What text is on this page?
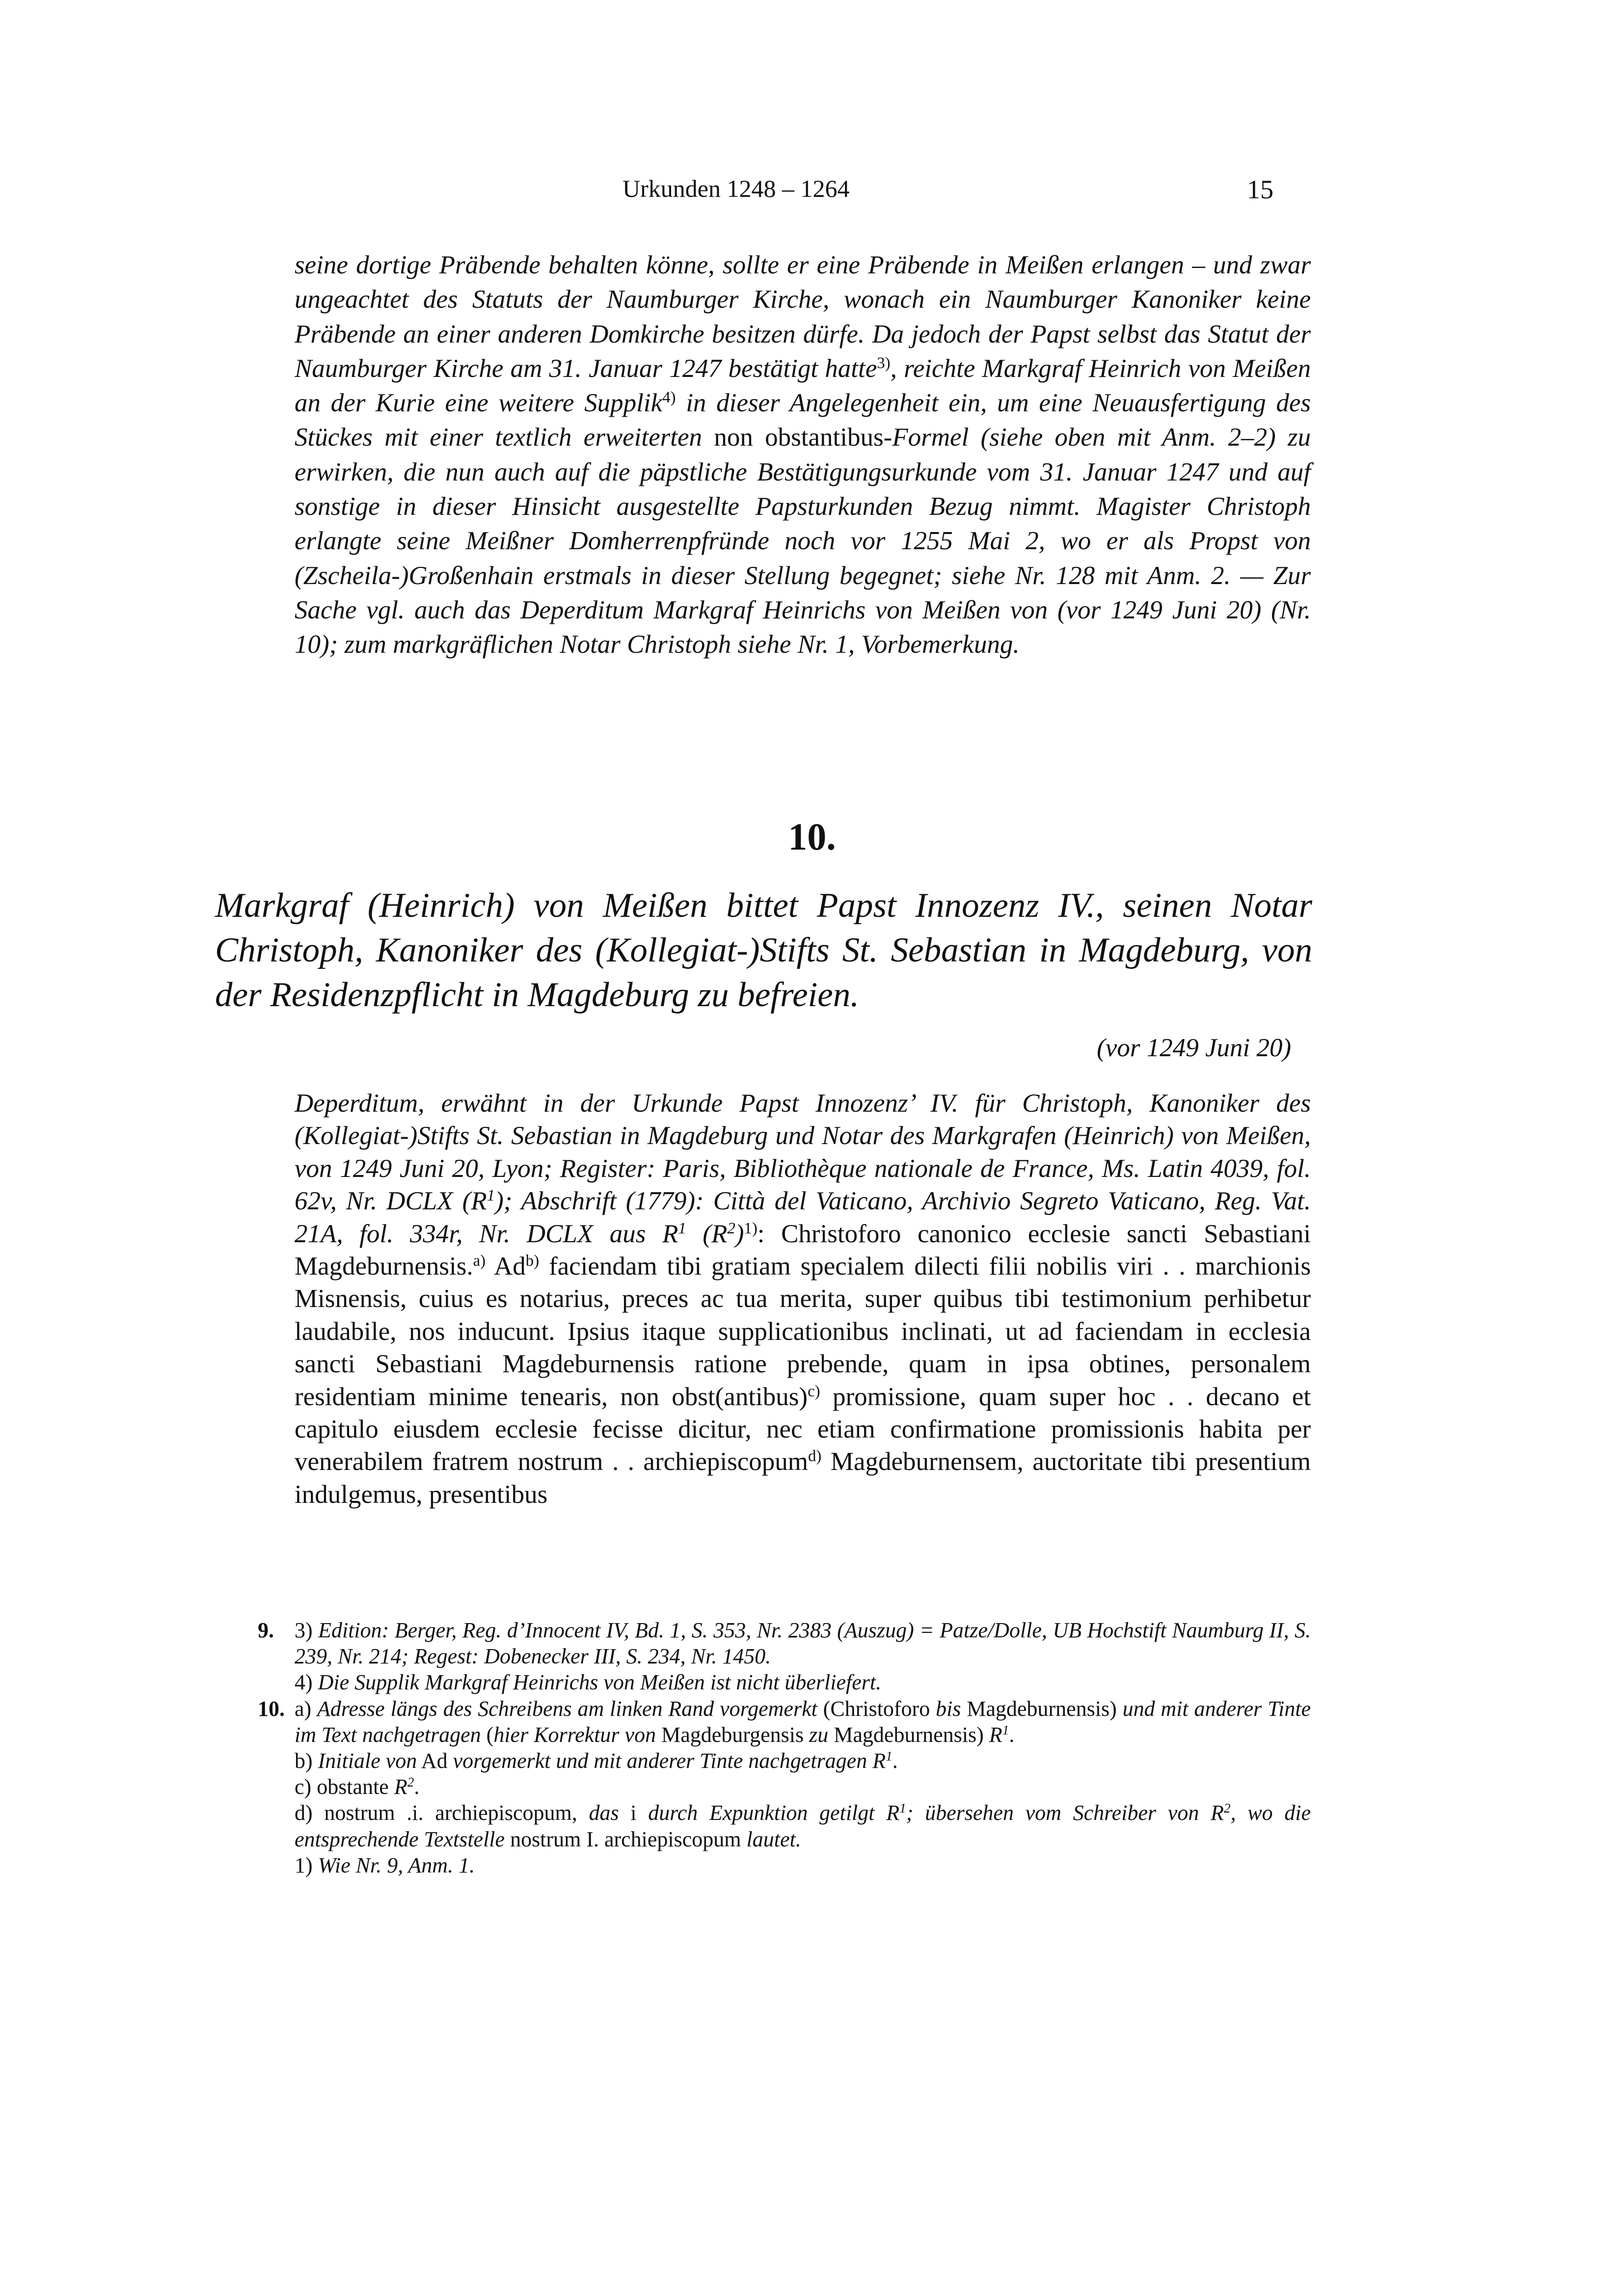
Urkunden 1248 – 1264	15

seine dortige Präbende behalten könne, sollte er eine Präbende in Meißen erlangen – und zwar ungeachtet des Statuts der Naumburger Kirche, wonach ein Naumburger Kanoniker keine Präbende an einer anderen Domkirche besitzen dürfe. Da jedoch der Papst selbst das Statut der Naumburger Kirche am 31. Januar 1247 bestätigt hatte$^{3)}$, reichte Markgraf Heinrich von Meißen an der Kurie eine weitere Supplik$^{4)}$ in dieser Angelegenheit ein, um eine Neuausfertigung des Stückes mit einer textlich erweiterten non obstantibus-Formel (siehe oben mit Anm. 2–2) zu erwirken, die nun auch auf die päpstliche Bestätigungsurkunde vom 31. Januar 1247 und auf sonstige in dieser Hinsicht ausgestellte Papsturkunden Bezug nimmt. Magister Christoph erlangte seine Meißner Domherrenpfründe noch vor 1255 Mai 2, wo er als Propst von (Zscheila-)Großenhain erstmals in dieser Stellung begegnet; siehe Nr. 128 mit Anm. 2. — Zur Sache vgl. auch das Deperditum Markgraf Heinrichs von Meißen von (vor 1249 Juni 20) (Nr. 10); zum markgräflichen Notar Christoph siehe Nr. 1, Vorbemerkung.

10.
Markgraf (Heinrich) von Meißen bittet Papst Innozenz IV., seinen Notar Christoph, Kanoniker des (Kollegiat-)Stifts St. Sebastian in Magdeburg, von der Residenzpflicht in Magdeburg zu befreien.
(vor 1249 Juni 20)

Deperditum, erwähnt in der Urkunde Papst Innozenz’ IV. für Christoph, Kanoniker des (Kollegiat-)Stifts St. Sebastian in Magdeburg und Notar des Markgrafen (Heinrich) von Meißen, von 1249 Juni 20, Lyon; Register: Paris, Bibliothèque nationale de France, Ms. Latin 4039, fol. 62v, Nr. DCLX $(R^1)$; Abschrift (1779): Città del Vaticano, Archivio Segreto Vaticano, Reg. Vat. 21A, fol. 334r, Nr. DCLX aus $R^1$ $(R^2)^{1)}$: Christoforo canonico ecclesie sancti Sebastiani Magdeburnensis.$^{a)}$ Ad$^{b)}$ faciendam tibi gratiam specialem dilecti filii nobilis viri . . marchionis Misnensis, cuius es notarius, preces ac tua merita, super quibus tibi testimonium perhibetur laudabile, nos inducunt. Ipsius itaque supplicationibus inclinati, ut ad faciendam in ecclesia sancti Sebastiani Magdeburnensis ratione prebende, quam in ipsa obtines, personalem residentiam minime tenearis, non obst(antibus)$^{c)}$ promissione, quam super hoc . . decano et capitulo eiusdem ecclesie fecisse dicitur, nec etiam confirmatione promissionis habita per venerabilem fratrem nostrum . . archiepiscopum$^{d)}$ Magdeburnensem, auctoritate tibi presentium indulgemus, presentibus

9. 3) Edition: Berger, Reg. d’Innocent IV, Bd. 1, S. 353, Nr. 2383 (Auszug) = Patze/Dolle, UB Hochstift Naumburg II, S. 239, Nr. 214; Regest: Dobenecker III, S. 234, Nr. 1450.

4) Die Supplik Markgraf Heinrichs von Meißen ist nicht überliefert.

10. a) Adresse längs des Schreibens am linken Rand vorgemerkt (Christoforo bis Magdeburnensis) und mit anderer Tinte im Text nachgetragen (hier Korrektur von Magdeburgensis zu Magdeburnensis) $R^1$.

b) Initiale von Ad vorgemerkt und mit anderer Tinte nachgetragen $R^1$.

c) obstante $R^2$.

d) nostrum .i. archiepiscopum, das i durch Expunktion getilgt $R^1$; übersehen vom Schreiber von $R^2$, wo die entsprechende Textstelle nostrum I. archiepiscopum lautet.

1) Wie Nr. 9, Anm. 1.
